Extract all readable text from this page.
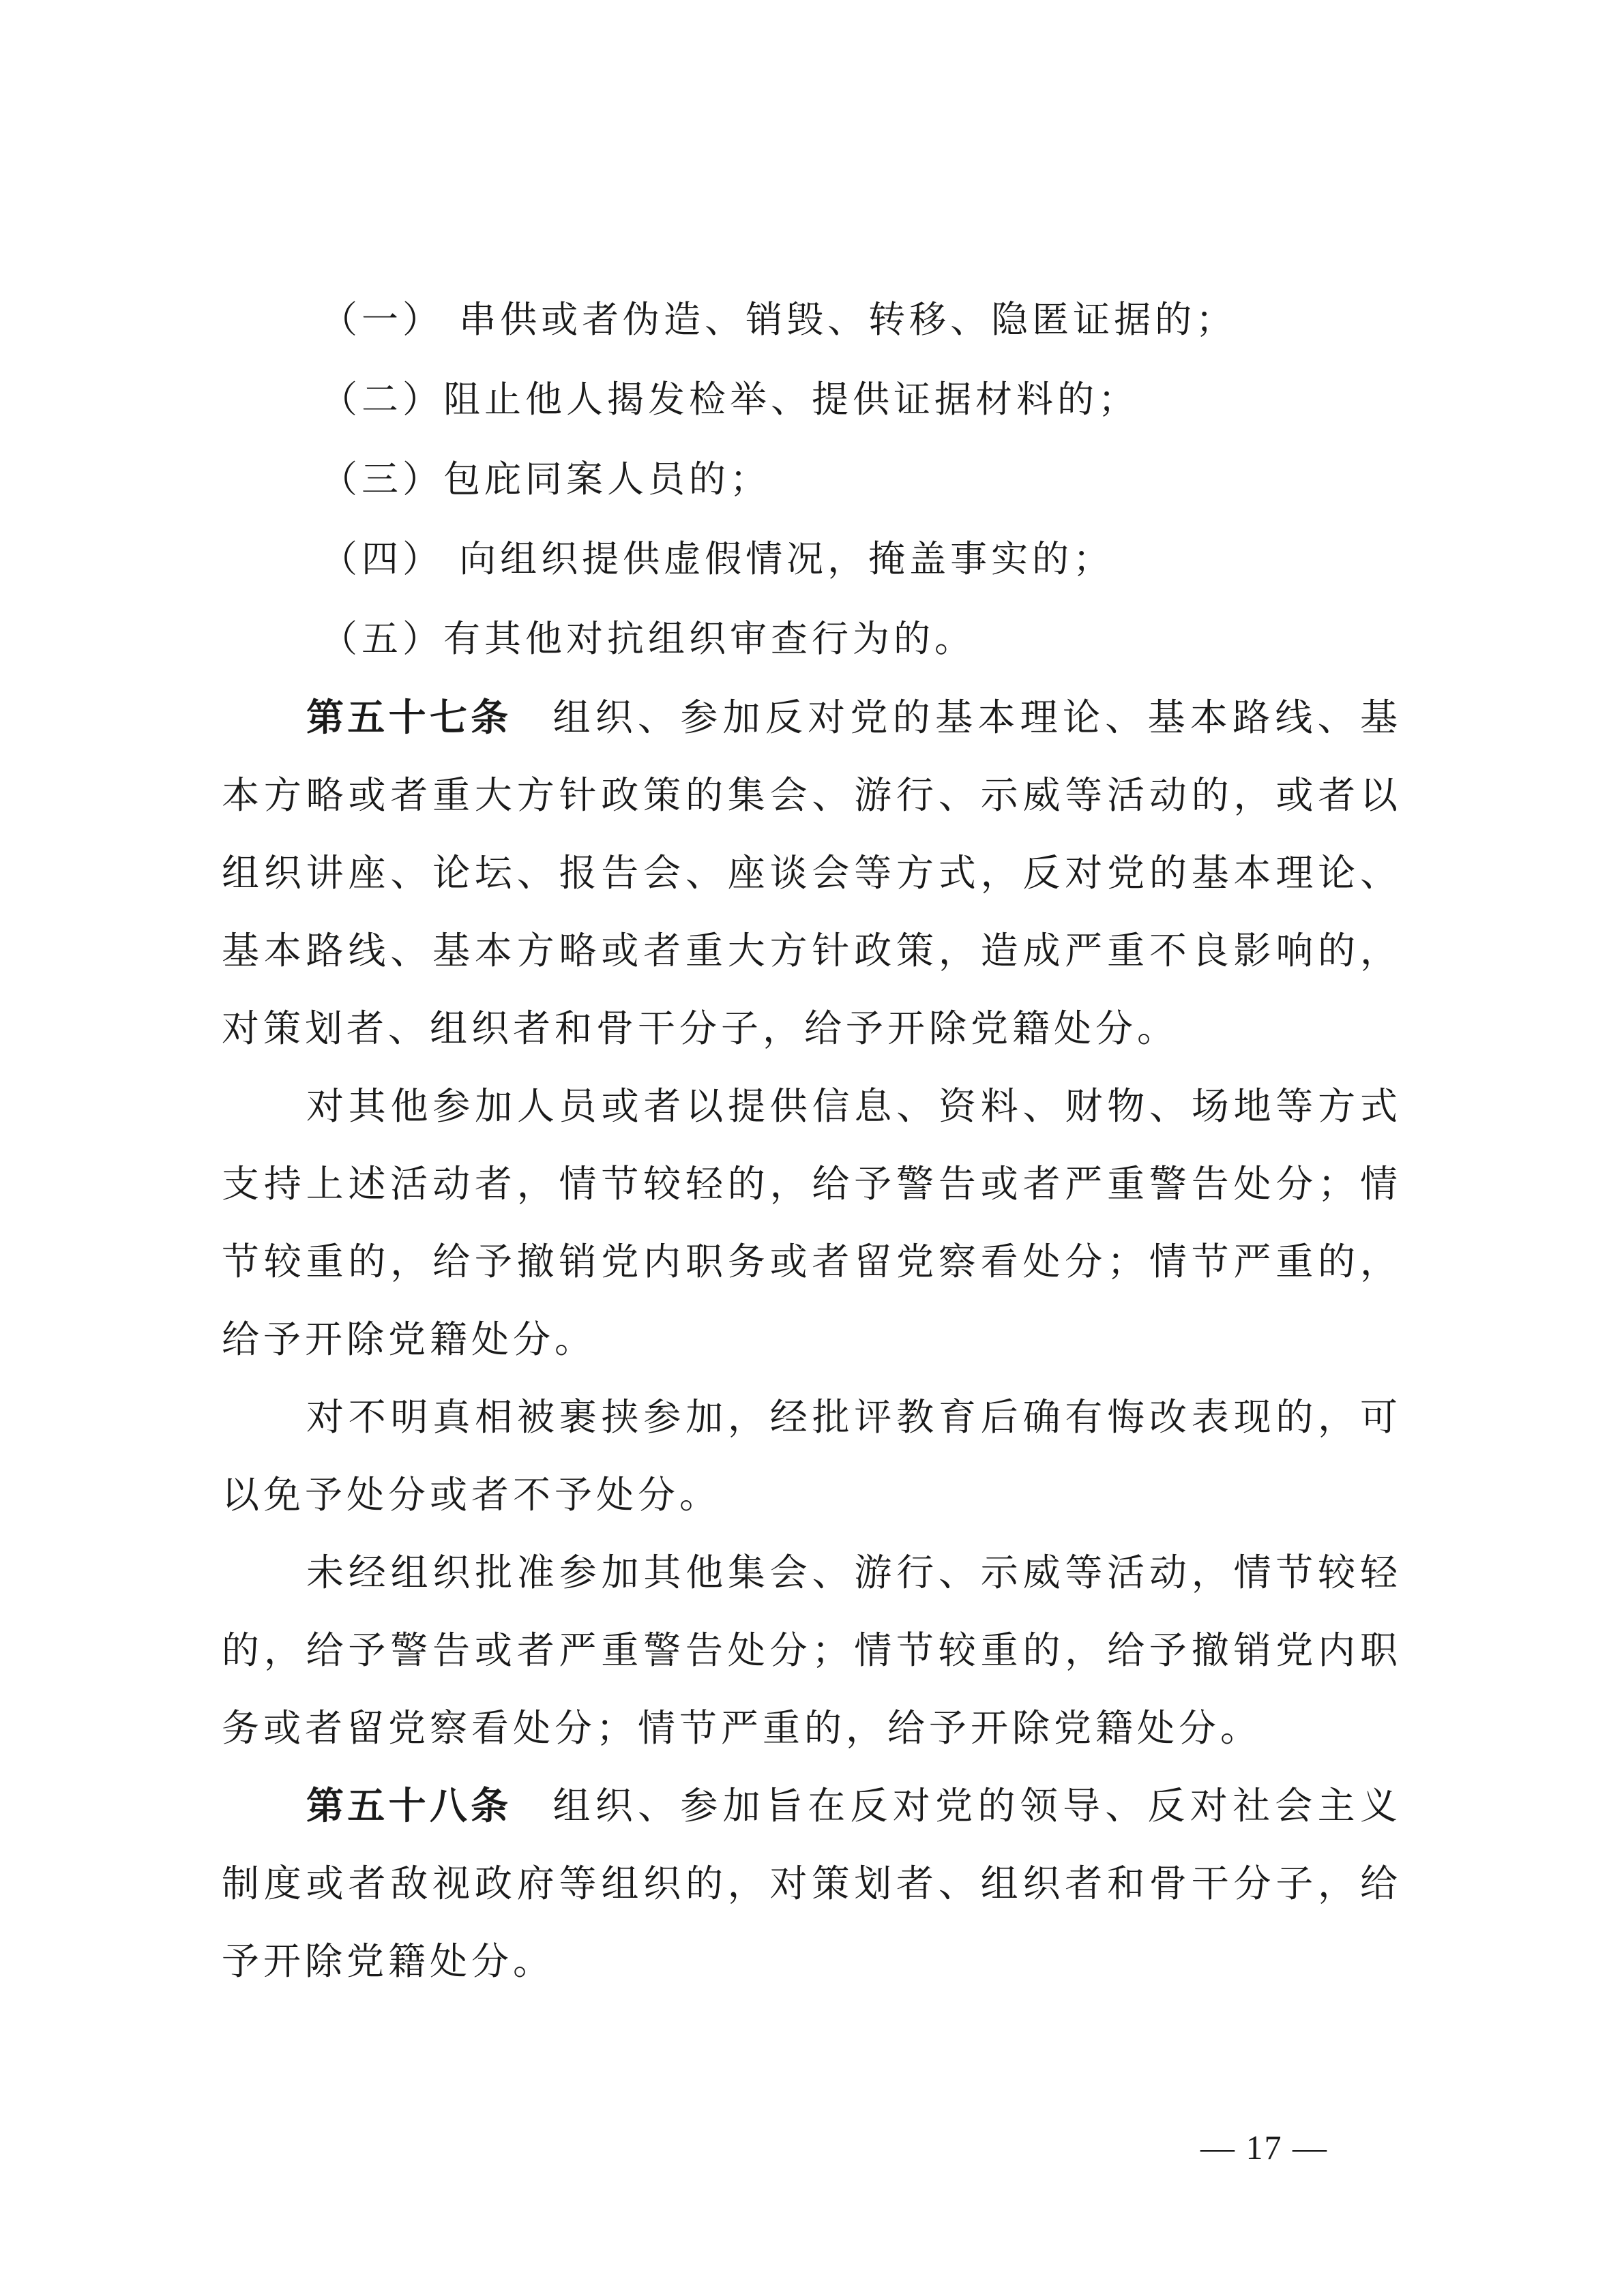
（一） 串供或者伪造、销毁、转移、隐匿证据的；

（二）阻止他人揭发检举、提供证据材料的；

（三）包庇同案人员的；

（四） 向组织提供虚假情况，掩盖事实的；

（五）有其他对抗组织审查行为的。

第五十七条 组织、参加反对党的基本理论、基本路线、基本方略或者重大方针政策的集会、游行、示威等活动的，或者以组织讲座、论坛、报告会、座谈会等方式，反对党的基本理论、基本路线、基本方略或者重大方针政策，造成严重不良影响的，对策划者、组织者和骨干分子，给予开除党籍处分。

对其他参加人员或者以提供信息、资料、财物、场地等方式支持上述活动者，情节较轻的，给予警告或者严重警告处分；情节较重的，给予撤销党内职务或者留党察看处分；情节严重的，给予开除党籍处分。

对不明真相被裹挟参加，经批评教育后确有悔改表现的，可以免予处分或者不予处分。

未经组织批准参加其他集会、游行、示威等活动，情节较轻的，给予警告或者严重警告处分；情节较重的，给予撤销党内职务或者留党察看处分；情节严重的，给予开除党籍处分。

第五十八条 组织、参加旨在反对党的领导、反对社会主义制度或者敌视政府等组织的，对策划者、组织者和骨干分子，给予开除党籍处分。

— 17 —
